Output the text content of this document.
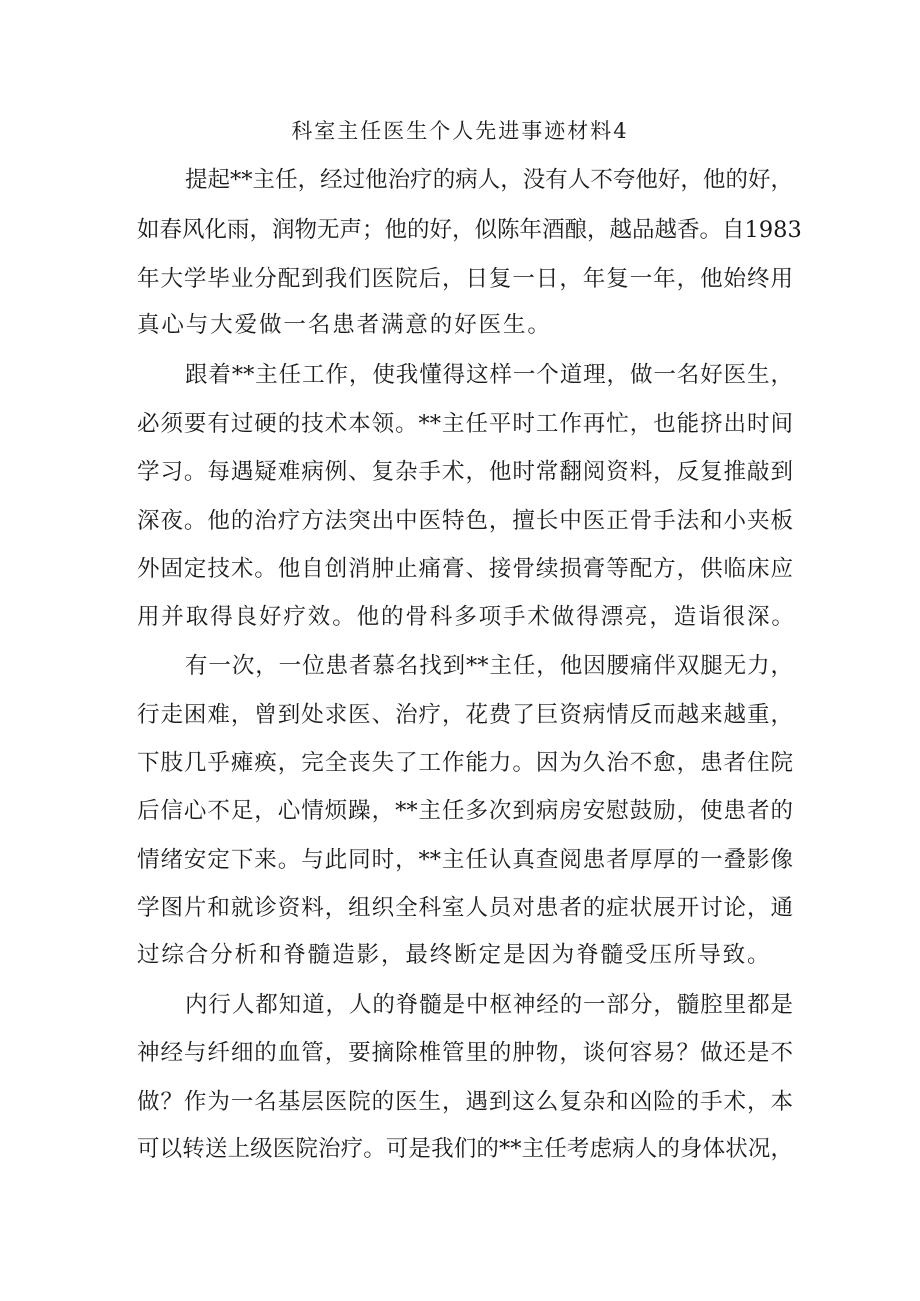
科室主任医生个人先进事迹材料4

提起**主任，经过他治疗的病人，没有人不夸他好，他的好，

如春风化雨，润物无声；他的好，似陈年酒酿，越品越香。自1983

年大学毕业分配到我们医院后，日复一日，年复一年，他始终用

真心与大爱做一名患者满意的好医生。

跟着**主任工作，使我懂得这样一个道理，做一名好医生，

必须要有过硬的技术本领。**主任平时工作再忙，也能挤出时间

学习。每遇疑难病例、复杂手术，他时常翻阅资料，反复推敲到

深夜。他的治疗方法突出中医特色，擅长中医正骨手法和小夹板

外固定技术。他自创消肿止痛膏、接骨续损膏等配方，供临床应

用并取得良好疗效。他的骨科多项手术做得漂亮，造诣很深。

有一次，一位患者慕名找到**主任，他因腰痛伴双腿无力，

行走困难，曾到处求医、治疗，花费了巨资病情反而越来越重，

下肢几乎瘫痪，完全丧失了工作能力。因为久治不愈，患者住院

后信心不足，心情烦躁，**主任多次到病房安慰鼓励，使患者的

情绪安定下来。与此同时，**主任认真查阅患者厚厚的一叠影像

学图片和就诊资料，组织全科室人员对患者的症状展开讨论，通

过综合分析和脊髓造影，最终断定是因为脊髓受压所导致。

内行人都知道，人的脊髓是中枢神经的一部分，髓腔里都是

神经与纤细的血管，要摘除椎管里的肿物，谈何容易？做还是不

做？作为一名基层医院的医生，遇到这么复杂和凶险的手术，本

可以转送上级医院治疗。可是我们的**主任考虑病人的身体状况，
